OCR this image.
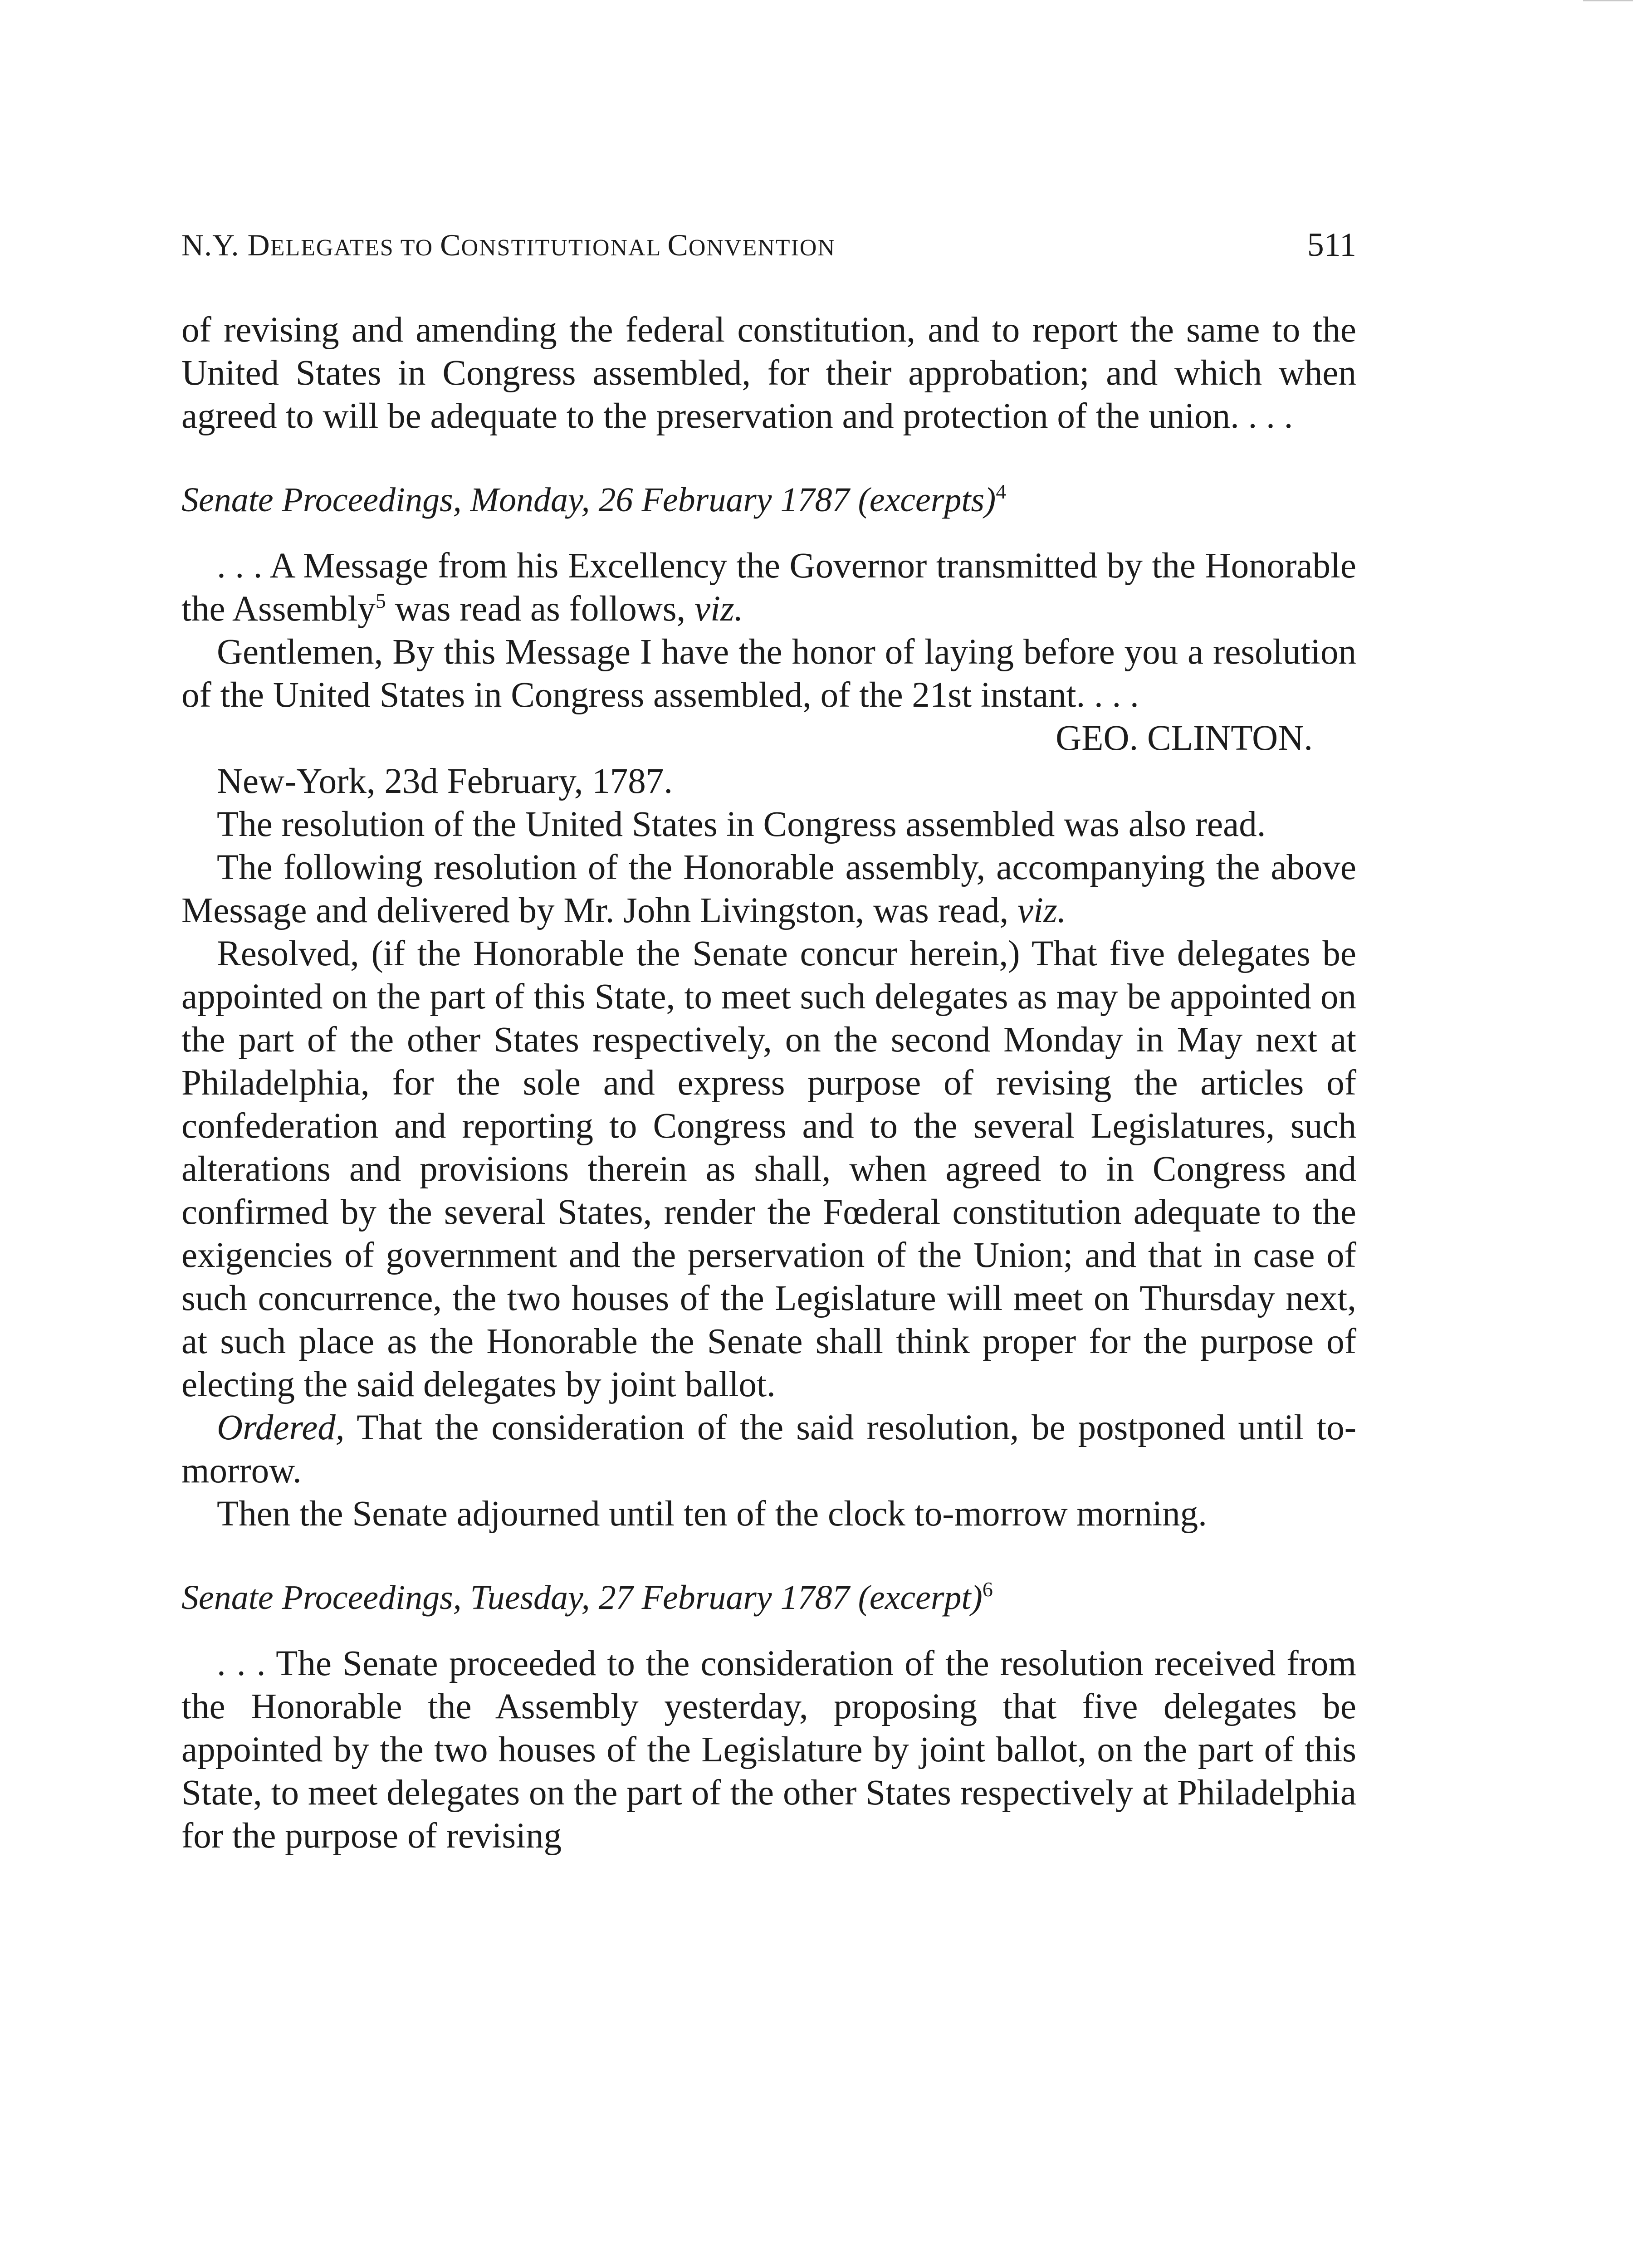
N.Y. DELEGATES TO CONSTITUTIONAL CONVENTION	511

of revising and amending the federal constitution, and to report the same to the United States in Congress assembled, for their approbation; and which when agreed to will be adequate to the preservation and protection of the union. . . .

Senate Proceedings, Monday, 26 February 1787 (excerpts)$^4$

. . . A Message from his Excellency the Governor transmitted by the Honorable the Assembly$^5$ was read as follows, viz.

Gentlemen, By this Message I have the honor of laying before you a resolution of the United States in Congress assembled, of the 21st instant. . . .

GEO. CLINTON.

New-York, 23d February, 1787.

The resolution of the United States in Congress assembled was also read.

The following resolution of the Honorable assembly, accompanying the above Message and delivered by Mr. John Livingston, was read, viz.

Resolved, (if the Honorable the Senate concur herein,) That five delegates be appointed on the part of this State, to meet such delegates as may be appointed on the part of the other States respectively, on the second Monday in May next at Philadelphia, for the sole and express purpose of revising the articles of confederation and reporting to Congress and to the several Legislatures, such alterations and provisions therein as shall, when agreed to in Congress and confirmed by the several States, render the Fœderal constitution adequate to the exigencies of government and the perservation of the Union; and that in case of such concurrence, the two houses of the Legislature will meet on Thursday next, at such place as the Honorable the Senate shall think proper for the purpose of electing the said delegates by joint ballot.

Ordered, That the consideration of the said resolution, be postponed until to-morrow.

Then the Senate adjourned until ten of the clock to-morrow morning.

Senate Proceedings, Tuesday, 27 February 1787 (excerpt)$^6$

. . . The Senate proceeded to the consideration of the resolution received from the Honorable the Assembly yesterday, proposing that five delegates be appointed by the two houses of the Legislature by joint ballot, on the part of this State, to meet delegates on the part of the other States respectively at Philadelphia for the purpose of revising
